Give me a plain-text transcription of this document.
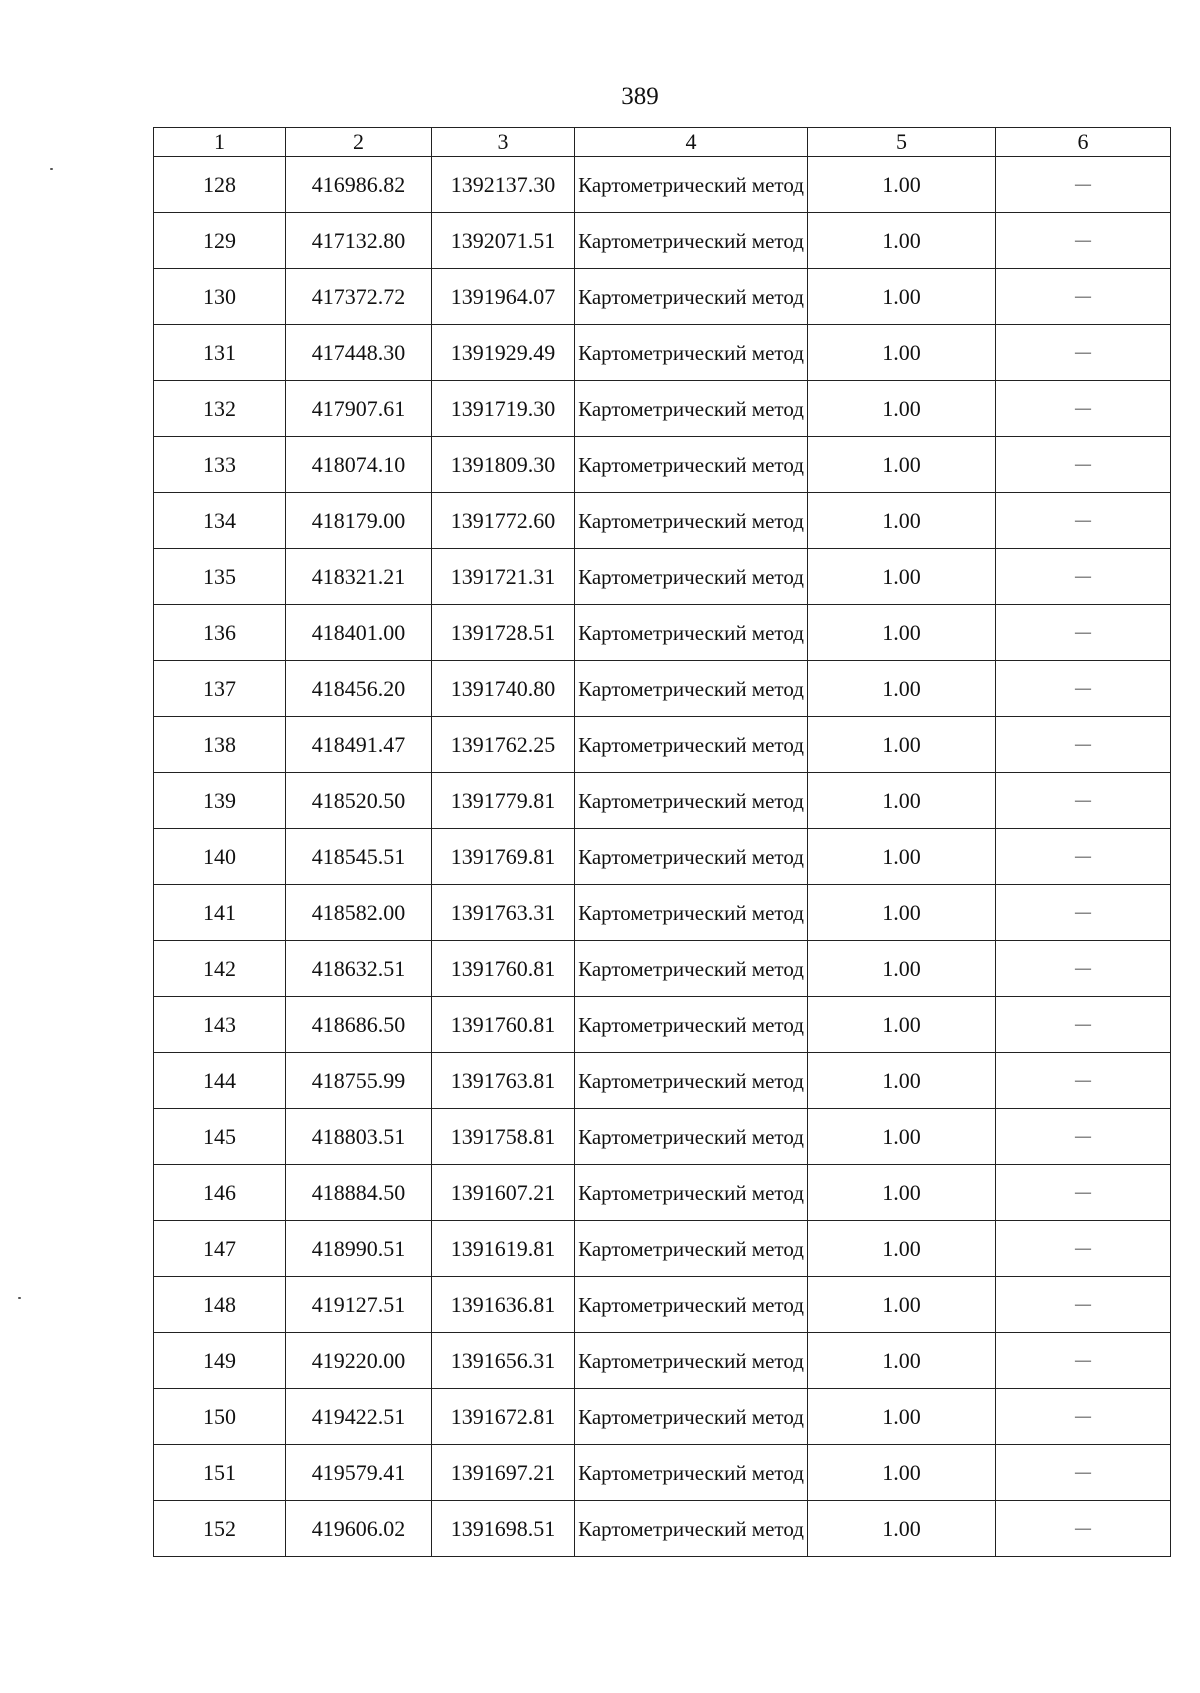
389
1	2	3	4	5	6
128	416986.82	1392137.30	Картометрический метод	1.00	—
129	417132.80	1392071.51	Картометрический метод	1.00	—
130	417372.72	1391964.07	Картометрический метод	1.00	—
131	417448.30	1391929.49	Картометрический метод	1.00	—
132	417907.61	1391719.30	Картометрический метод	1.00	—
133	418074.10	1391809.30	Картометрический метод	1.00	—
134	418179.00	1391772.60	Картометрический метод	1.00	—
135	418321.21	1391721.31	Картометрический метод	1.00	—
136	418401.00	1391728.51	Картометрический метод	1.00	—
137	418456.20	1391740.80	Картометрический метод	1.00	—
138	418491.47	1391762.25	Картометрический метод	1.00	—
139	418520.50	1391779.81	Картометрический метод	1.00	—
140	418545.51	1391769.81	Картометрический метод	1.00	—
141	418582.00	1391763.31	Картометрический метод	1.00	—
142	418632.51	1391760.81	Картометрический метод	1.00	—
143	418686.50	1391760.81	Картометрический метод	1.00	—
144	418755.99	1391763.81	Картометрический метод	1.00	—
145	418803.51	1391758.81	Картометрический метод	1.00	—
146	418884.50	1391607.21	Картометрический метод	1.00	—
147	418990.51	1391619.81	Картометрический метод	1.00	—
148	419127.51	1391636.81	Картометрический метод	1.00	—
149	419220.00	1391656.31	Картометрический метод	1.00	—
150	419422.51	1391672.81	Картометрический метод	1.00	—
151	419579.41	1391697.21	Картометрический метод	1.00	—
152	419606.02	1391698.51	Картометрический метод	1.00	—
